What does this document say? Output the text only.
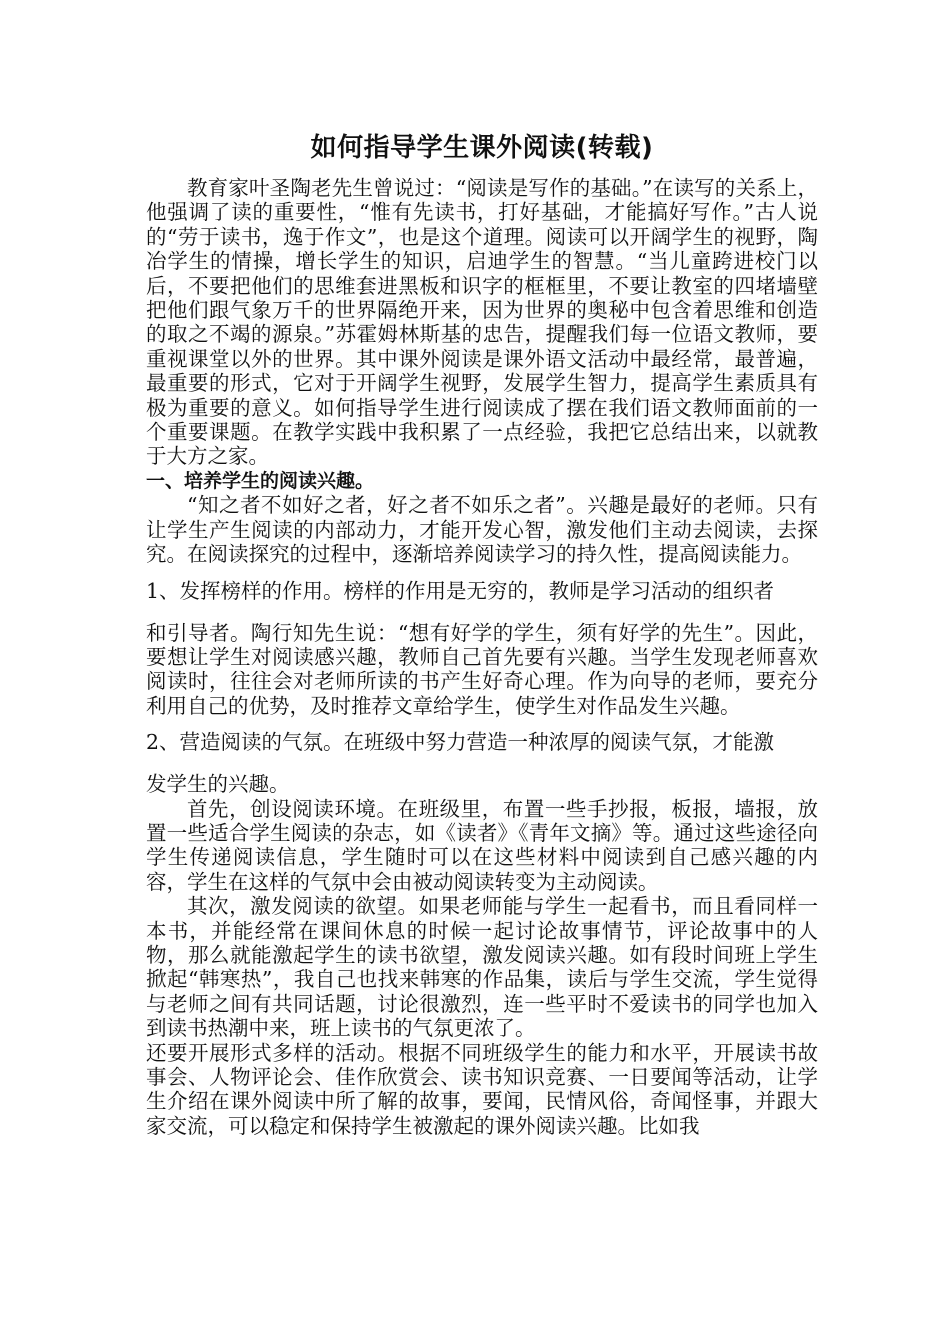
如何指导学生课外阅读(转载)

教育家叶圣陶老先生曾说过：“阅读是写作的基础。”在读写的关系上，他强调了读的重要性，“惟有先读书，打好基础，才能搞好写作。”古人说的“劳于读书，逸于作文”，也是这个道理。阅读可以开阔学生的视野，陶冶学生的情操，增长学生的知识，启迪学生的智慧。“当儿童跨进校门以后，不要把他们的思维套进黑板和识字的框框里，不要让教室的四堵墙壁把他们跟气象万千的世界隔绝开来，因为世界的奥秘中包含着思维和创造的取之不竭的源泉。”苏霍姆林斯基的忠告，提醒我们每一位语文教师，要重视课堂以外的世界。其中课外阅读是课外语文活动中最经常，最普遍，最重要的形式，它对于开阔学生视野，发展学生智力，提高学生素质具有极为重要的意义。如何指导学生进行阅读成了摆在我们语文教师面前的一个重要课题。在教学实践中我积累了一点经验，我把它总结出来，以就教于大方之家。

一、培养学生的阅读兴趣。

“知之者不如好之者，好之者不如乐之者”。兴趣是最好的老师。只有让学生产生阅读的内部动力，才能开发心智，激发他们主动去阅读，去探究。在阅读探究的过程中，逐渐培养阅读学习的持久性，提高阅读能力。

1、发挥榜样的作用。榜样的作用是无穷的，教师是学习活动的组织者

和引导者。陶行知先生说：“想有好学的学生，须有好学的先生”。因此，要想让学生对阅读感兴趣，教师自己首先要有兴趣。当学生发现老师喜欢阅读时，往往会对老师所读的书产生好奇心理。作为向导的老师，要充分利用自己的优势，及时推荐文章给学生，使学生对作品发生兴趣。

2、营造阅读的气氛。在班级中努力营造一种浓厚的阅读气氛，才能激

发学生的兴趣。

首先，创设阅读环境。在班级里，布置一些手抄报，板报，墙报，放置一些适合学生阅读的杂志，如《读者》《青年文摘》等。通过这些途径向学生传递阅读信息，学生随时可以在这些材料中阅读到自己感兴趣的内容，学生在这样的气氛中会由被动阅读转变为主动阅读。

其次，激发阅读的欲望。如果老师能与学生一起看书，而且看同样一本书，并能经常在课间休息的时候一起讨论故事情节，评论故事中的人物，那么就能激起学生的读书欲望，激发阅读兴趣。如有段时间班上学生掀起“韩寒热”，我自己也找来韩寒的作品集，读后与学生交流，学生觉得与老师之间有共同话题，讨论很激烈，连一些平时不爱读书的同学也加入到读书热潮中来，班上读书的气氛更浓了。

还要开展形式多样的活动。根据不同班级学生的能力和水平，开展读书故事会、人物评论会、佳作欣赏会、读书知识竞赛、一日要闻等活动，让学生介绍在课外阅读中所了解的故事，要闻，民情风俗，奇闻怪事，并跟大家交流，可以稳定和保持学生被激起的课外阅读兴趣。比如我
